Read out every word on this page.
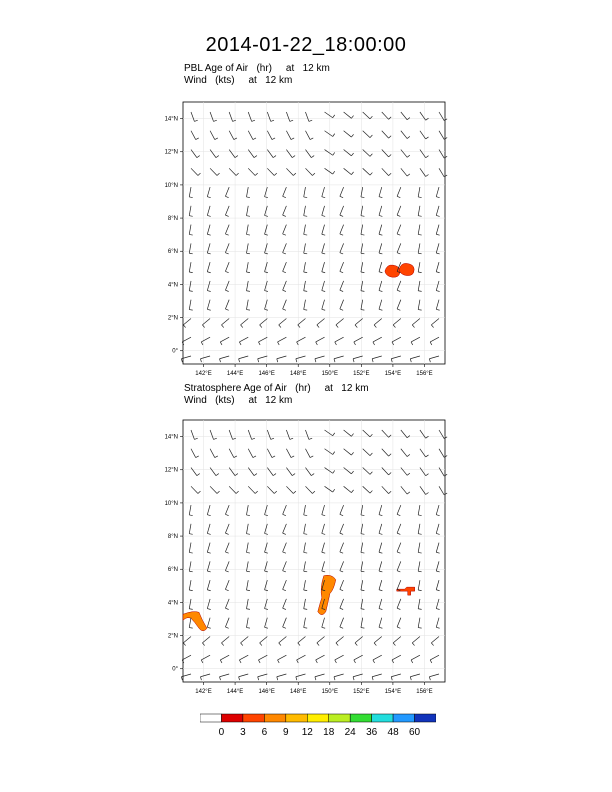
2014-01-22_18:00:00
PBL Age of Air   (hr)     at   12 km
Wind   (kts)     at   12 km
142°E	144°E	146°E	148°E	150°E	152°E	154°E	156°E
0°
2°N
4°N
6°N
8°N
10°N
12°N
14°N
Stratosphere Age of Air   (hr)     at   12 km
Wind   (kts)     at   12 km
142°E	144°E	146°E	148°E	150°E	152°E	154°E	156°E
0°
2°N
4°N
6°N
8°N
10°N
12°N
14°N
0 3 6 9 12 18 24 36 48 60
